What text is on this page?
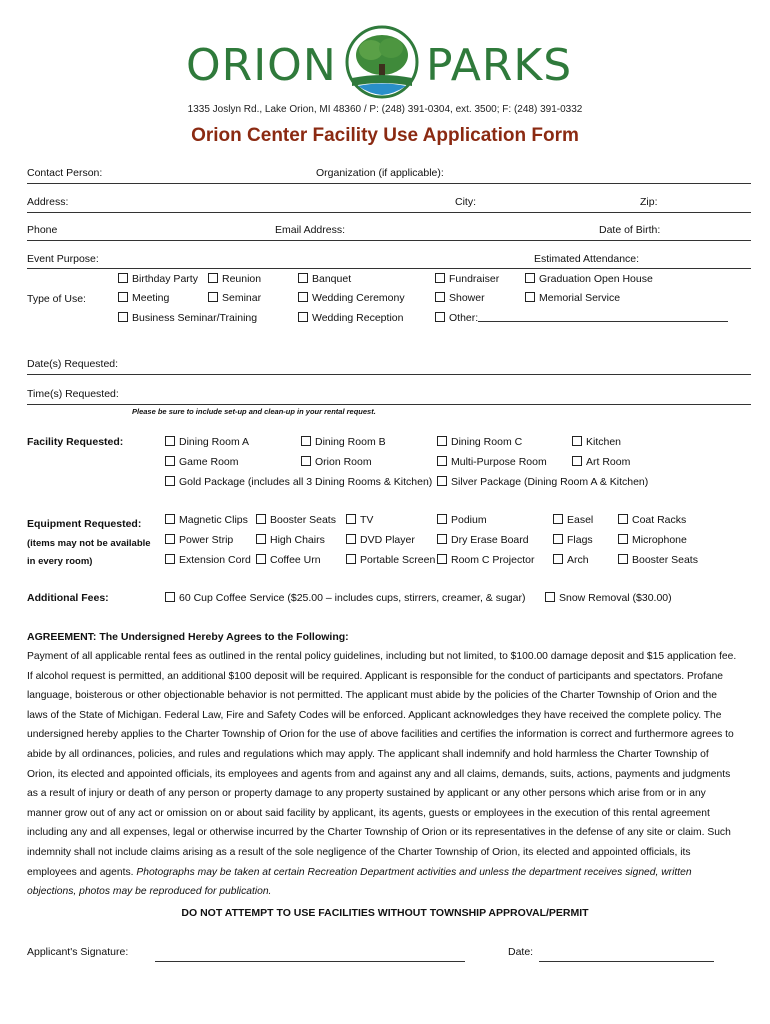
ORION PARKS
1335 Joslyn Rd., Lake Orion, MI 48360 / P: (248) 391-0304, ext. 3500; F: (248) 391-0332
Orion Center Facility Use Application Form
Contact Person:	Organization (if applicable):
Address:	City:	Zip:
Phone	Email Address:	Date of Birth:
Event Purpose:	Estimated Attendance:
Type of Use:
Birthday Party	Reunion	Banquet	Fundraiser	Graduation Open House
Meeting	Seminar	Wedding Ceremony	Shower	Memorial Service
Business Seminar/Training	Wedding Reception	Other:
Date(s) Requested:
Time(s) Requested:
Please be sure to include set-up and clean-up in your rental request.
Facility Requested:	Dining Room A	Dining Room B	Dining Room C	Kitchen
Game Room	Orion Room	Multi-Purpose Room	Art Room
Gold Package (includes all 3 Dining Rooms & Kitchen)	Silver Package (Dining Room A & Kitchen)
Equipment Requested:
(items may not be available
in every room)
Magnetic Clips	Booster Seats	TV	Podium	Easel	Coat Racks
Power Strip	High Chairs	DVD Player	Dry Erase Board	Flags	Microphone
Extension Cord	Coffee Urn	Portable Screen	Room C Projector	Arch	Booster Seats
Additional Fees:	60 Cup Coffee Service ($25.00 – includes cups, stirrers, creamer, & sugar)	Snow Removal ($30.00)
AGREEMENT: The Undersigned Hereby Agrees to the Following:
Payment of all applicable rental fees as outlined in the rental policy guidelines, including but not limited, to $100.00 damage deposit and $15 application fee. If alcohol request is permitted, an additional $100 deposit will be required. Applicant is responsible for the conduct of participants and spectators. Profane language, boisterous or other objectionable behavior is not permitted. The applicant must abide by the policies of the Charter Township of Orion and the laws of the State of Michigan. Federal Law, Fire and Safety Codes will be enforced. Applicant acknowledges they have received the complete policy. The undersigned hereby applies to the Charter Township of Orion for the use of above facilities and certifies the information is correct and furthermore agrees to abide by all ordinances, policies, and rules and regulations which may apply. The applicant shall indemnify and hold harmless the Charter Township of Orion, its elected and appointed officials, its employees and agents from and against any and all claims, demands, suits, actions, payments and judgments as a result of injury or death of any person or property damage to any property sustained by applicant or any other persons which arise from or in any manner grow out of any act or omission on or about said facility by applicant, its agents, guests or employees in the execution of this rental agreement including any and all expenses, legal or otherwise incurred by the Charter Township of Orion or its representatives in the defense of any site or claim. Such indemnity shall not include claims arising as a result of the sole negligence of the Charter Township of Orion, its elected and appointed officials, its employees and agents. Photographs may be taken at certain Recreation Department activities and unless the department receives signed, written objections, photos may be reproduced for publication.
DO NOT ATTEMPT TO USE FACILITIES WITHOUT TOWNSHIP APPROVAL/PERMIT
Applicant's Signature:	Date:
